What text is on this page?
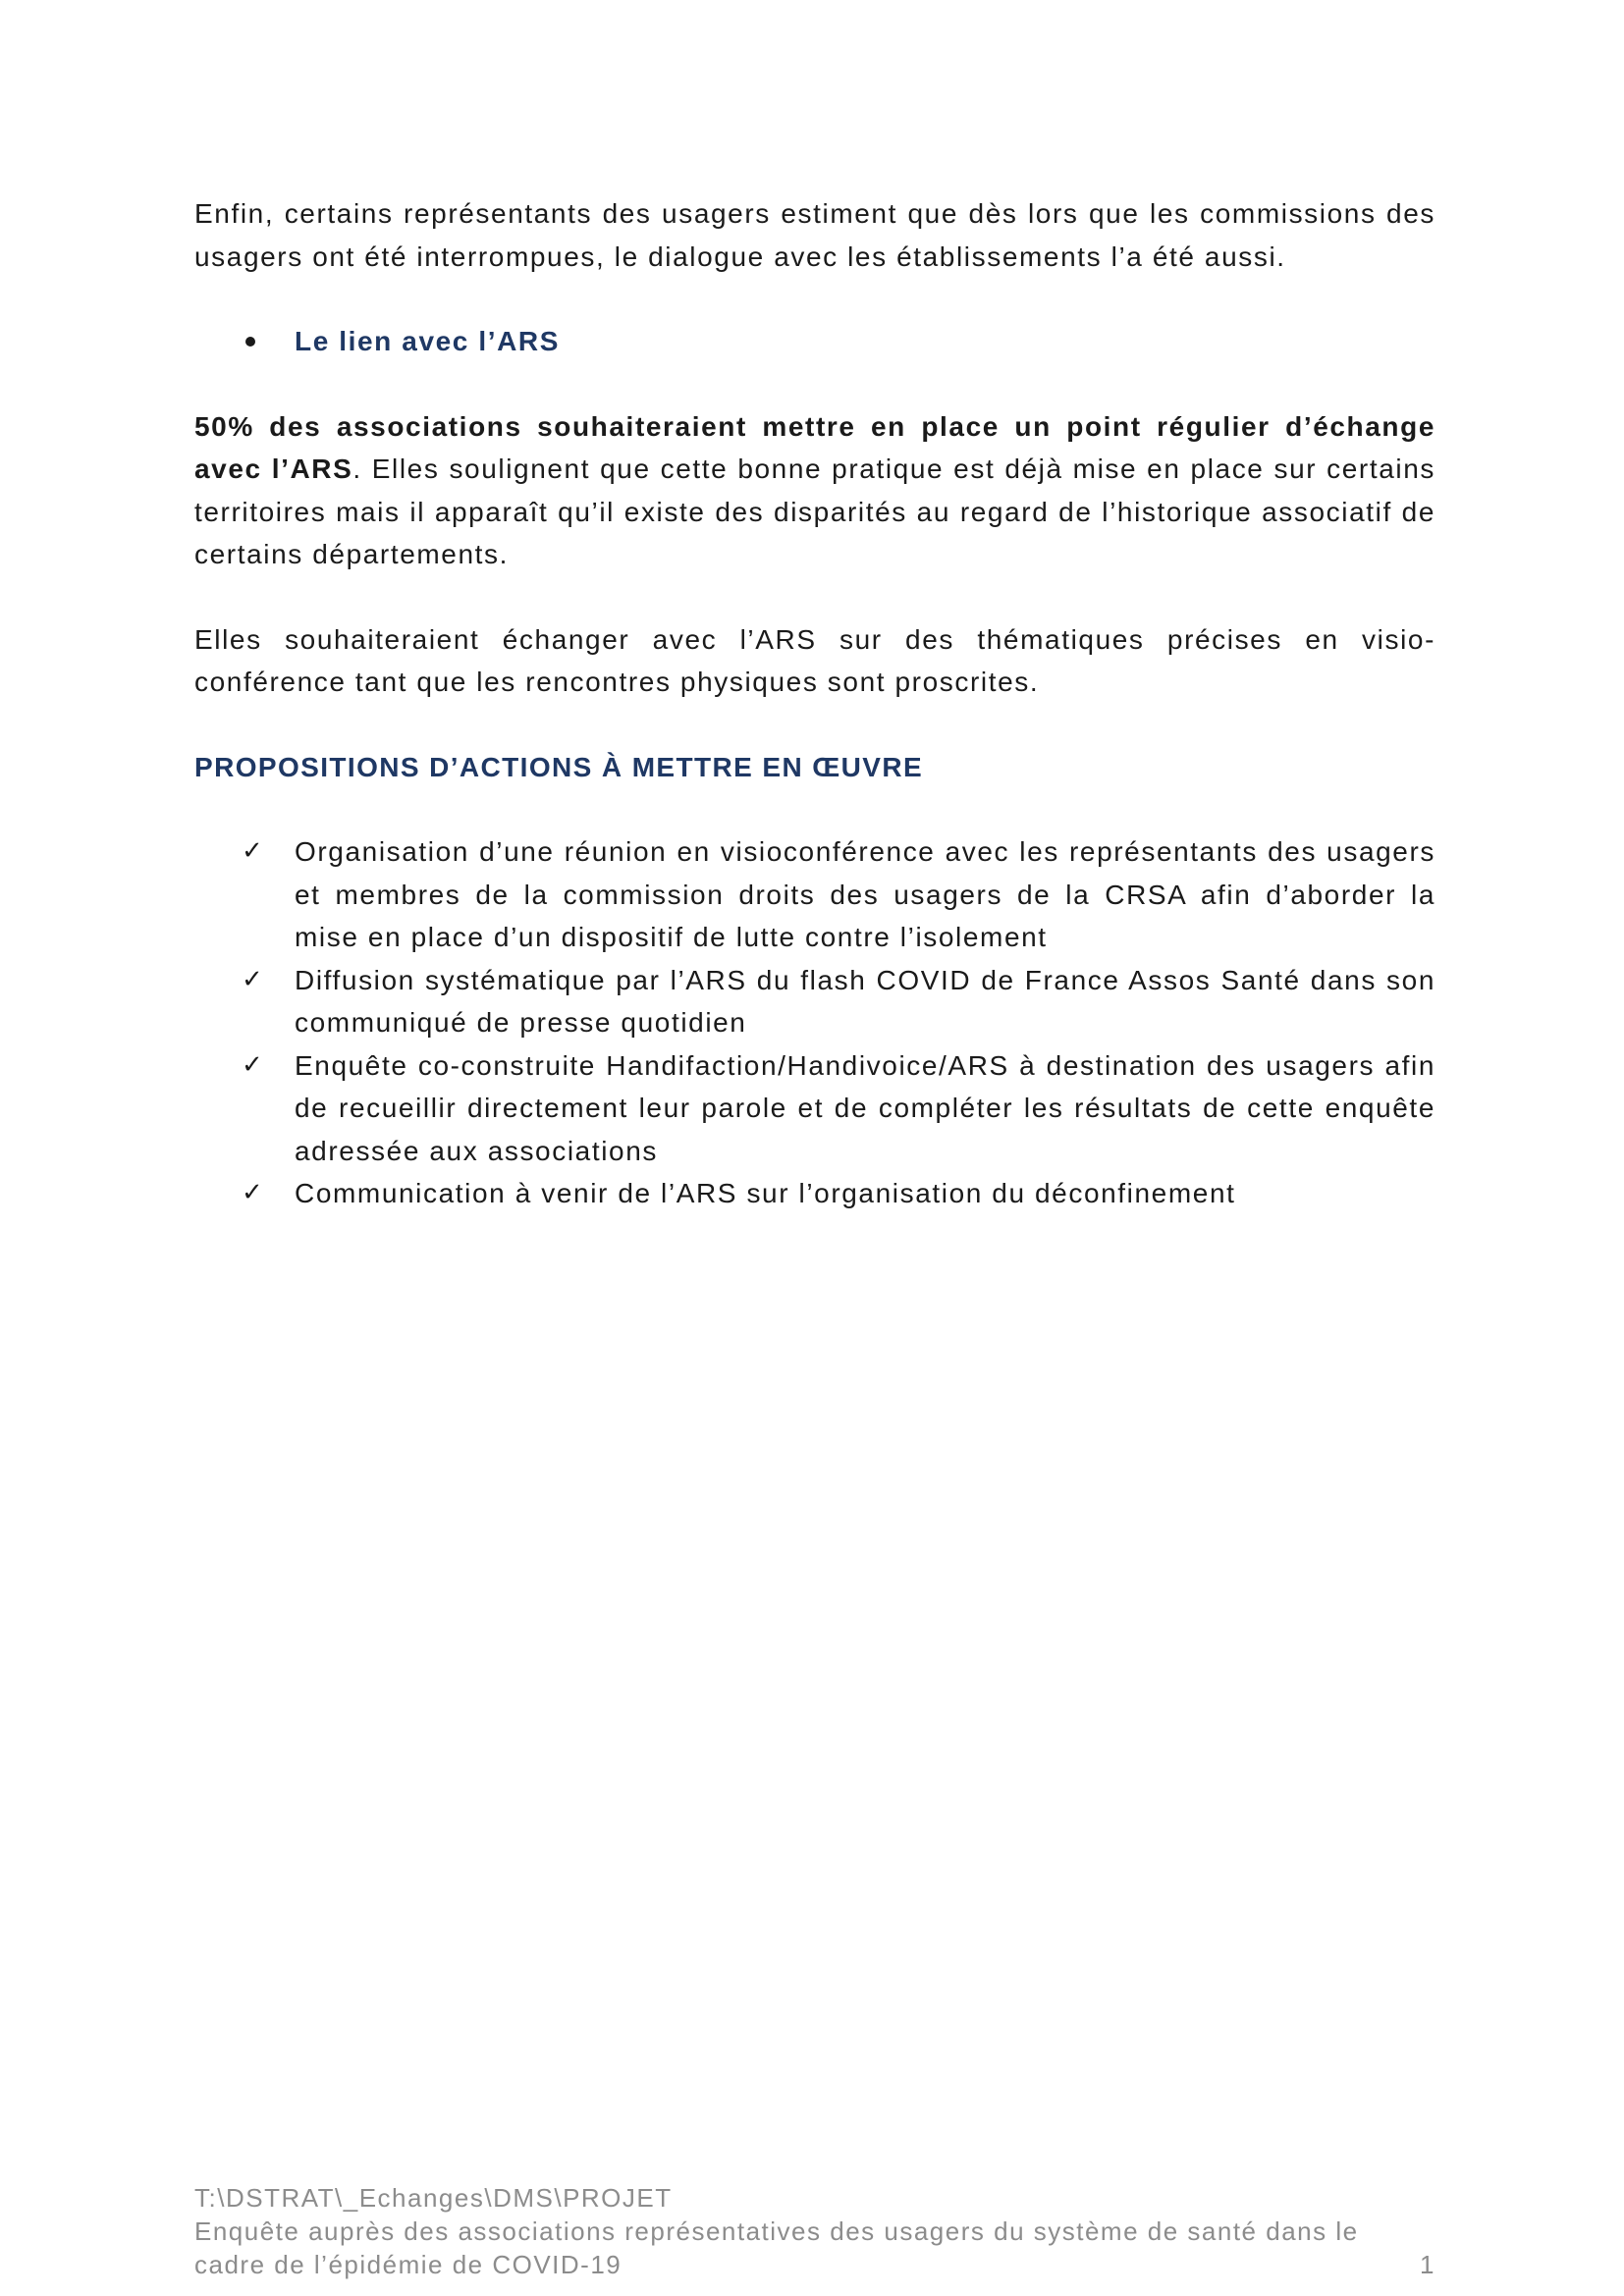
Enfin, certains représentants des usagers estiment que dès lors que les commissions des usagers ont été interrompues, le dialogue avec les établissements l’a été aussi.

Le lien avec l’ARS

50% des associations souhaiteraient mettre en place un point régulier d’échange avec l’ARS. Elles soulignent que cette bonne pratique est déjà mise en place sur certains territoires mais il apparaît qu’il existe des disparités au regard de l’historique associatif de certains départements.

Elles souhaiteraient échanger avec l’ARS sur des thématiques précises en visio-conférence tant que les rencontres physiques sont proscrites.

PROPOSITIONS D’ACTIONS À METTRE EN ŒUVRE
✓ Organisation d’une réunion en visioconférence avec les représentants des usagers et membres de la commission droits des usagers de la CRSA afin d’aborder la mise en place d’un dispositif de lutte contre l’isolement
✓ Diffusion systématique par l’ARS du flash COVID de France Assos Santé dans son communiqué de presse quotidien
✓ Enquête co-construite Handifaction/Handivoice/ARS à destination des usagers afin de recueillir directement leur parole et de compléter les résultats de cette enquête adressée aux associations
✓ Communication à venir de l’ARS sur l’organisation du déconfinement
T:\DSTRAT\_Echanges\DMS\PROJET
Enquête auprès des associations représentatives des usagers du système de santé dans le
cadre de l’épidémie de COVID-19	1
